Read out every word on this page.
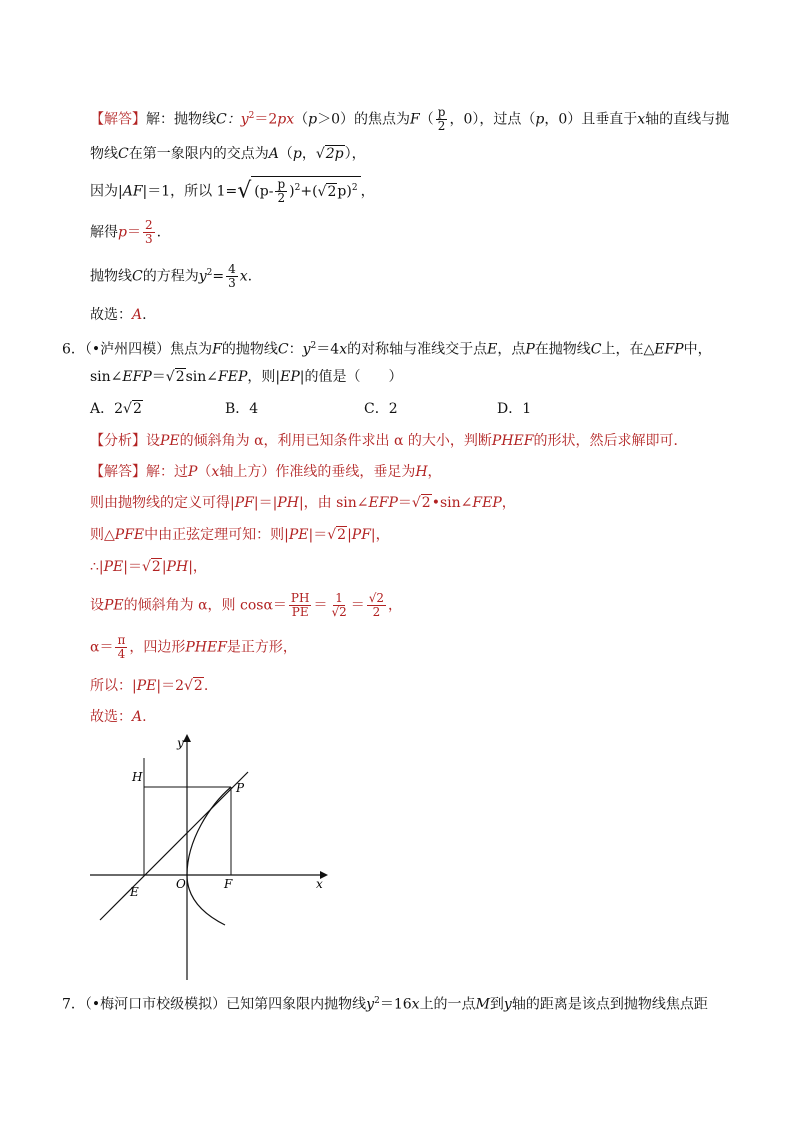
【解答】解：抛物线C：$y^2=2px(p>0)$的焦点为$F( \frac{p}{2}$ ，0），过点（p，0）且垂直于x轴的直线与抛
物线C在第一象限内的交点为A（p，√2p），
因为|AF|＝1，所以 1=√ $(p- \frac{p}{2} )^2+(√2p)^2$ ，
解得$p= \frac{2}{3}$ .
抛物线C的方程为$y^2= \frac{4}{3} x$.
故选：A.
6．（•泸州四模）焦点为F的抛物线C：$y^2=4x$的对称轴与准线交于点E，点P在抛物线C上，在△EFP中，
sin∠EFP＝√2sin∠FEP，则|EP|的值是（　　）
A．2√2	B．4	C．2	D．1
【分析】设PE的倾斜角为 α，利用已知条件求出 α 的大小，判断PHEF的形状，然后求解即可．
【解答】解：过P（x轴上方）作准线的垂线，垂足为H，
则由抛物线的定义可得|PF|＝|PH|，由 sin∠EFP＝√2•sin∠FEP，
则△PFE中由正弦定理可知：则|PE|＝√2|PF|，
∴|PE|＝√2|PH|，
设PE的倾斜角为 α，则 $\cos\alpha= \frac{PH}{PE} = \frac{1}{√2} = \frac{√2}{2}$ ，
$\alpha= \frac{\pi}{4}$ ，四边形PHEF是正方形，
所以：|PE|＝2√2.
故选：A.
y
x
H
P
E
O	F
7．（•梅河口市校级模拟）已知第四象限内抛物线$y^2=16x$上的一点M到y轴的距离是该点到抛物线焦点距
